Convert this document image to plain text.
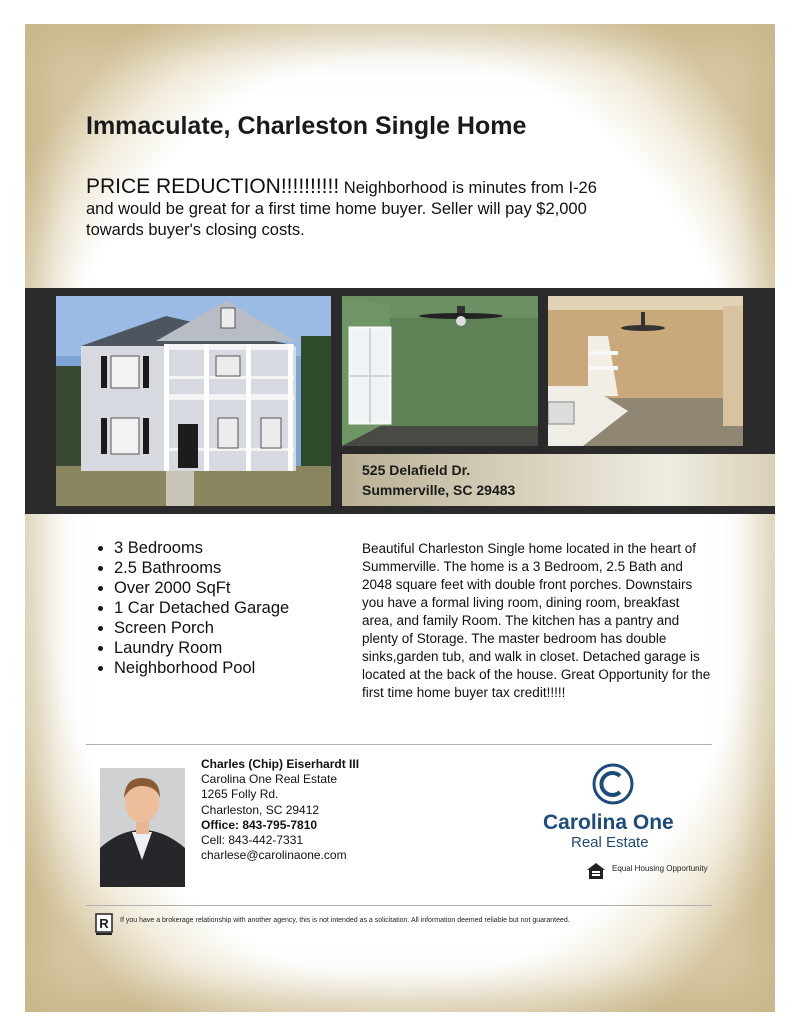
Immaculate, Charleston Single Home

PRICE REDUCTION!!!!!!!!!! Neighborhood is minutes from I-26 and would be great for a first time home buyer. Seller will pay $2,000 towards buyer's closing costs.

525 Delafield Dr.
Summerville, SC 29483
• 3 Bedrooms
• 2.5 Bathrooms
• Over 2000 SqFt
• 1 Car Detached Garage
• Screen Porch
• Laundry Room
• Neighborhood Pool

Beautiful Charleston Single home located in the heart of Summerville. The home is a 3 Bedroom, 2.5 Bath and 2048 square feet with double front porches. Downstairs you have a formal living room, dining room, breakfast area, and family Room. The kitchen has a pantry and plenty of Storage. The master bedroom has double sinks,garden tub, and walk in closet. Detached garage is located at the back of the house. Great Opportunity for the first time home buyer tax credit!!!!!

Charles (Chip) Eiserhardt III
Carolina One Real Estate
1265 Folly Rd.
Charleston, SC 29412
Office: 843-795-7810
Cell: 843-442-7331
charlese@carolinaone.com
Carolina One
Real Estate
Equal Housing Opportunity
R If you have a brokerage relationship with another agency, this is not intended as a solicitation. All information deemed reliable but not guaranteed.
